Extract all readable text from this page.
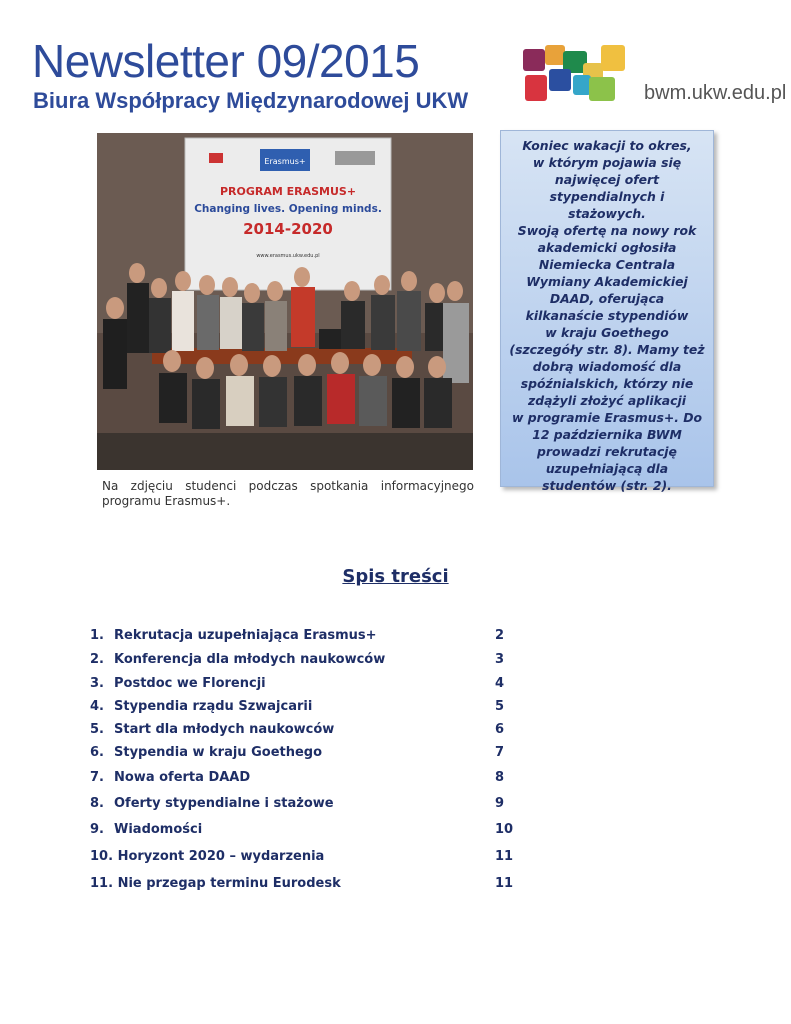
Newsletter 09/2015
Biura Współpracy Międzynarodowej UKW	bwm.ukw.edu.pl
Erasmus+
PROGRAM ERASMUS+
Changing lives. Opening minds.
2014-2020
www.erasmus.ukw.edu.pl
Na zdjęciu studenci podczas spotkania informacyjnego programu Erasmus+.
Koniec wakacji to okres,
w którym pojawia się
najwięcej ofert
stypendialnych i stażowych.
Swoją ofertę na nowy rok
akademicki ogłosiła
Niemiecka Centrala
Wymiany Akademickiej
DAAD, oferująca
kilkanaście stypendiów
w kraju Goethego
(szczegóły str. 8). Mamy też
dobrą wiadomość dla
spóźnialskich, którzy nie
zdążyli złożyć aplikacji
w programie Erasmus+. Do
12 października BWM
prowadzi rekrutację
uzupełniającą dla
studentów (str. 2).
Spis treści
1. Rekrutacja uzupełniająca Erasmus+	2
2. Konferencja dla młodych naukowców	3
3. Postdoc we Florencji	4
4. Stypendia rządu Szwajcarii	5
5. Start dla młodych naukowców	6
6. Stypendia w kraju Goethego	7
7. Nowa oferta DAAD	8
8. Oferty stypendialne i stażowe	9
9. Wiadomości	10
10. Horyzont 2020 – wydarzenia	11
11. Nie przegap terminu Eurodesk	11
